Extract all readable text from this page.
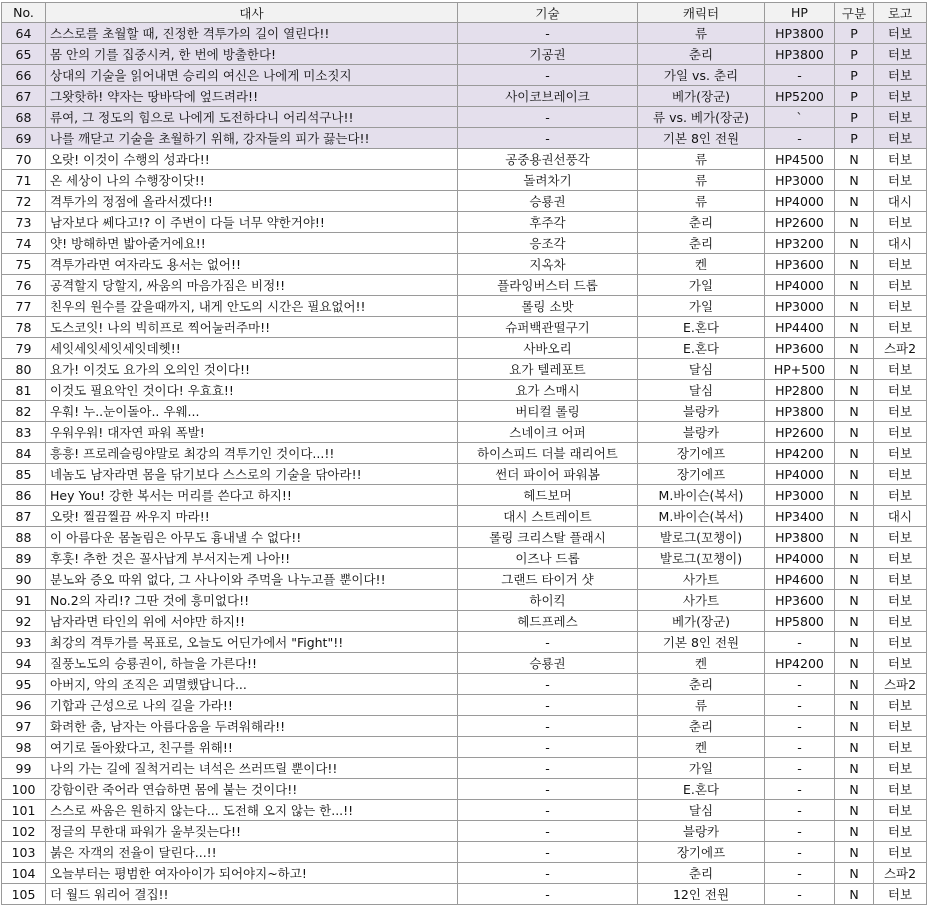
No.	대사	기술	캐릭터	HP	구분	로고
64	스스로를 초월할 때, 진정한 격투가의 길이 열린다!!	-	류	HP3800	P	터보
65	몸 안의 기를 집중시켜, 한 번에 방출한다!	기공권	춘리	HP3800	P	터보
66	상대의 기술을 읽어내면 승리의 여신은 나에게 미소짓지	-	가일 vs. 춘리	-	P	터보
67	그왓핫하! 약자는 땅바닥에 엎드려라!!	사이코브레이크	베가(장군)	HP5200	P	터보
68	류여, 그 정도의 힘으로 나에게 도전하다니 어리석구나!!	-	류 vs. 베가(장군)	`	P	터보
69	나를 깨닫고 기술을 초월하기 위해, 강자들의 피가 끓는다!!	-	기본 8인 전원	-	P	터보
70	오랏! 이것이 수행의 성과다!!	공중용권선풍각	류	HP4500	N	터보
71	온 세상이 나의 수행장이닷!!	돌려차기	류	HP3000	N	터보
72	격투가의 정점에 올라서겠다!!	승룡권	류	HP4000	N	대시
73	남자보다 쎄다고!? 이 주변이 다들 너무 약한거야!!	후주각	춘리	HP2600	N	터보
74	얏! 방해하면 밟아줄거에요!!	응조각	춘리	HP3200	N	대시
75	격투가라면 여자라도 용서는 없어!!	지옥차	켄	HP3600	N	터보
76	공격할지 당할지, 싸움의 마음가짐은 비정!!	플라잉버스터 드롭	가일	HP4000	N	터보
77	친우의 원수를 갚을때까지, 내게 안도의 시간은 필요없어!!	롤링 소밧	가일	HP3000	N	터보
78	도스코잇! 나의 빅히프로 찍어눌러주마!!	슈퍼백관떨구기	E.혼다	HP4400	N	터보
79	세잇세잇세잇세잇데헷!!	사바오리	E.혼다	HP3600	N	스파2
80	요가! 이것도 요가의 오의인 것이다!!	요가 텔레포트	달심	HP+500	N	터보
81	이것도 필요악인 것이다! 우효효!!	요가 스매시	달심	HP2800	N	터보
82	우훠! 누..눈이돌아.. 우웨...	버티컬 롤링	블랑카	HP3800	N	터보
83	우워우워! 대자연 파워 폭발!	스네이크 어퍼	블랑카	HP2600	N	터보
84	흥흥! 프로레슬링야말로 최강의 격투기인 것이다...!!	하이스피드 더블 래리어트	장기에프	HP4200	N	터보
85	네놈도 남자라면 몸을 닦기보다 스스로의 기술을 닦아라!!	썬더 파이어 파워봄	장기에프	HP4000	N	터보
86	Hey You! 강한 복서는 머리를 쓴다고 하지!!	헤드보머	M.바이슨(복서)	HP3000	N	터보
87	오랏! 찔끔찔끔 싸우지 마라!!	대시 스트레이트	M.바이슨(복서)	HP3400	N	대시
88	이 아름다운 몸놀림은 아무도 흉내낼 수 없다!!	롤링 크리스탈 플래시	발로그(꼬챙이)	HP3800	N	터보
89	후훗! 추한 것은 꼴사납게 부서지는게 나아!!	이즈나 드롭	발로그(꼬챙이)	HP4000	N	터보
90	분노와 증오 따위 없다, 그 사나이와 주먹을 나누고플 뿐이다!!	그랜드 타이거 샷	사가트	HP4600	N	터보
91	No.2의 자리!? 그딴 것에 흥미없다!!	하이킥	사가트	HP3600	N	터보
92	남자라면 타인의 위에 서야만 하지!!	헤드프레스	베가(장군)	HP5800	N	터보
93	최강의 격투가를 목표로, 오늘도 어딘가에서 "Fight"!!	-	기본 8인 전원	-	N	터보
94	질풍노도의 승룡권이, 하늘을 가른다!!	승룡권	켄	HP4200	N	터보
95	아버지, 악의 조직은 괴멸했답니다...	-	춘리	-	N	스파2
96	기합과 근성으로 나의 길을 가라!!	-	류	-	N	터보
97	화려한 춤, 남자는 아름다움을 두려워해라!!	-	춘리	-	N	터보
98	여기로 돌아왔다고, 친구를 위해!!	-	켄	-	N	터보
99	나의 가는 길에 질척거리는 녀석은 쓰러뜨릴 뿐이다!!	-	가일	-	N	터보
100	강함이란 죽어라 연습하면 몸에 붙는 것이다!!	-	E.혼다	-	N	터보
101	스스로 싸움은 원하지 않는다... 도전해 오지 않는 한...!!	-	달심	-	N	터보
102	정글의 무한대 파워가 울부짖는다!!	-	블랑카	-	N	터보
103	붉은 자객의 전율이 달린다...!!	-	장기에프	-	N	터보
104	오늘부터는 평범한 여자아이가 되어야지~하고!	-	춘리	-	N	스파2
105	더 월드 워리어 결집!!	-	12인 전원	-	N	터보
